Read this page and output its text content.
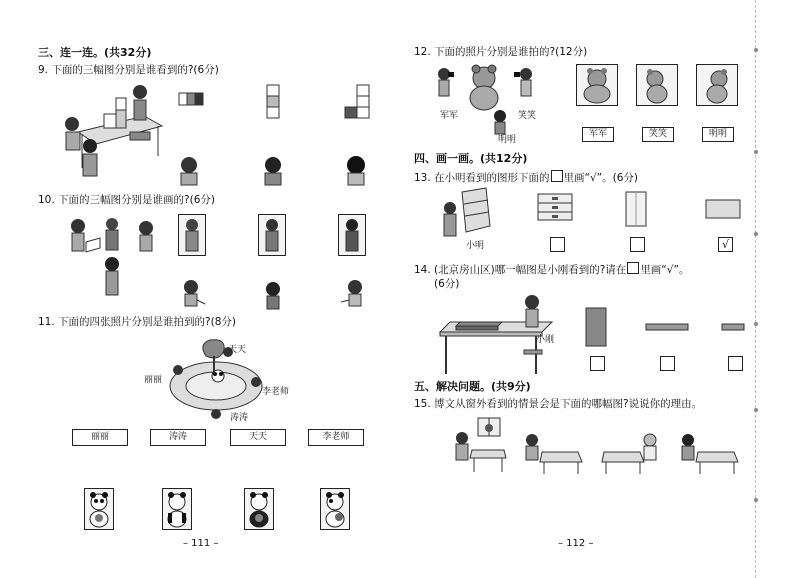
三、连一连。(共32分)
9. 下面的三幅图分别是谁看到的?(6分)
10. 下面的三幅图分别是谁画的?(6分)
11. 下面的四张照片分别是谁拍到的?(8分)
天天
丽丽
李老师
涛涛
丽丽	涛涛	天天	李老师
– 111 –
12. 下面的照片分别是谁拍的?(12分)
军军	笑笑
明明
军军	笑笑	明明
四、画一画。(共12分)
13. 在小明看到的图形下面的 里画“√”。(6分)
小明	√
14. (北京房山区)哪一幅图是小刚看到的?请在 里画“√”。
(6分)
小刚
五、解决问题。(共9分)
15. 博文从窗外看到的情景会是下面的哪幅图?说说你的理由。
– 112 –
